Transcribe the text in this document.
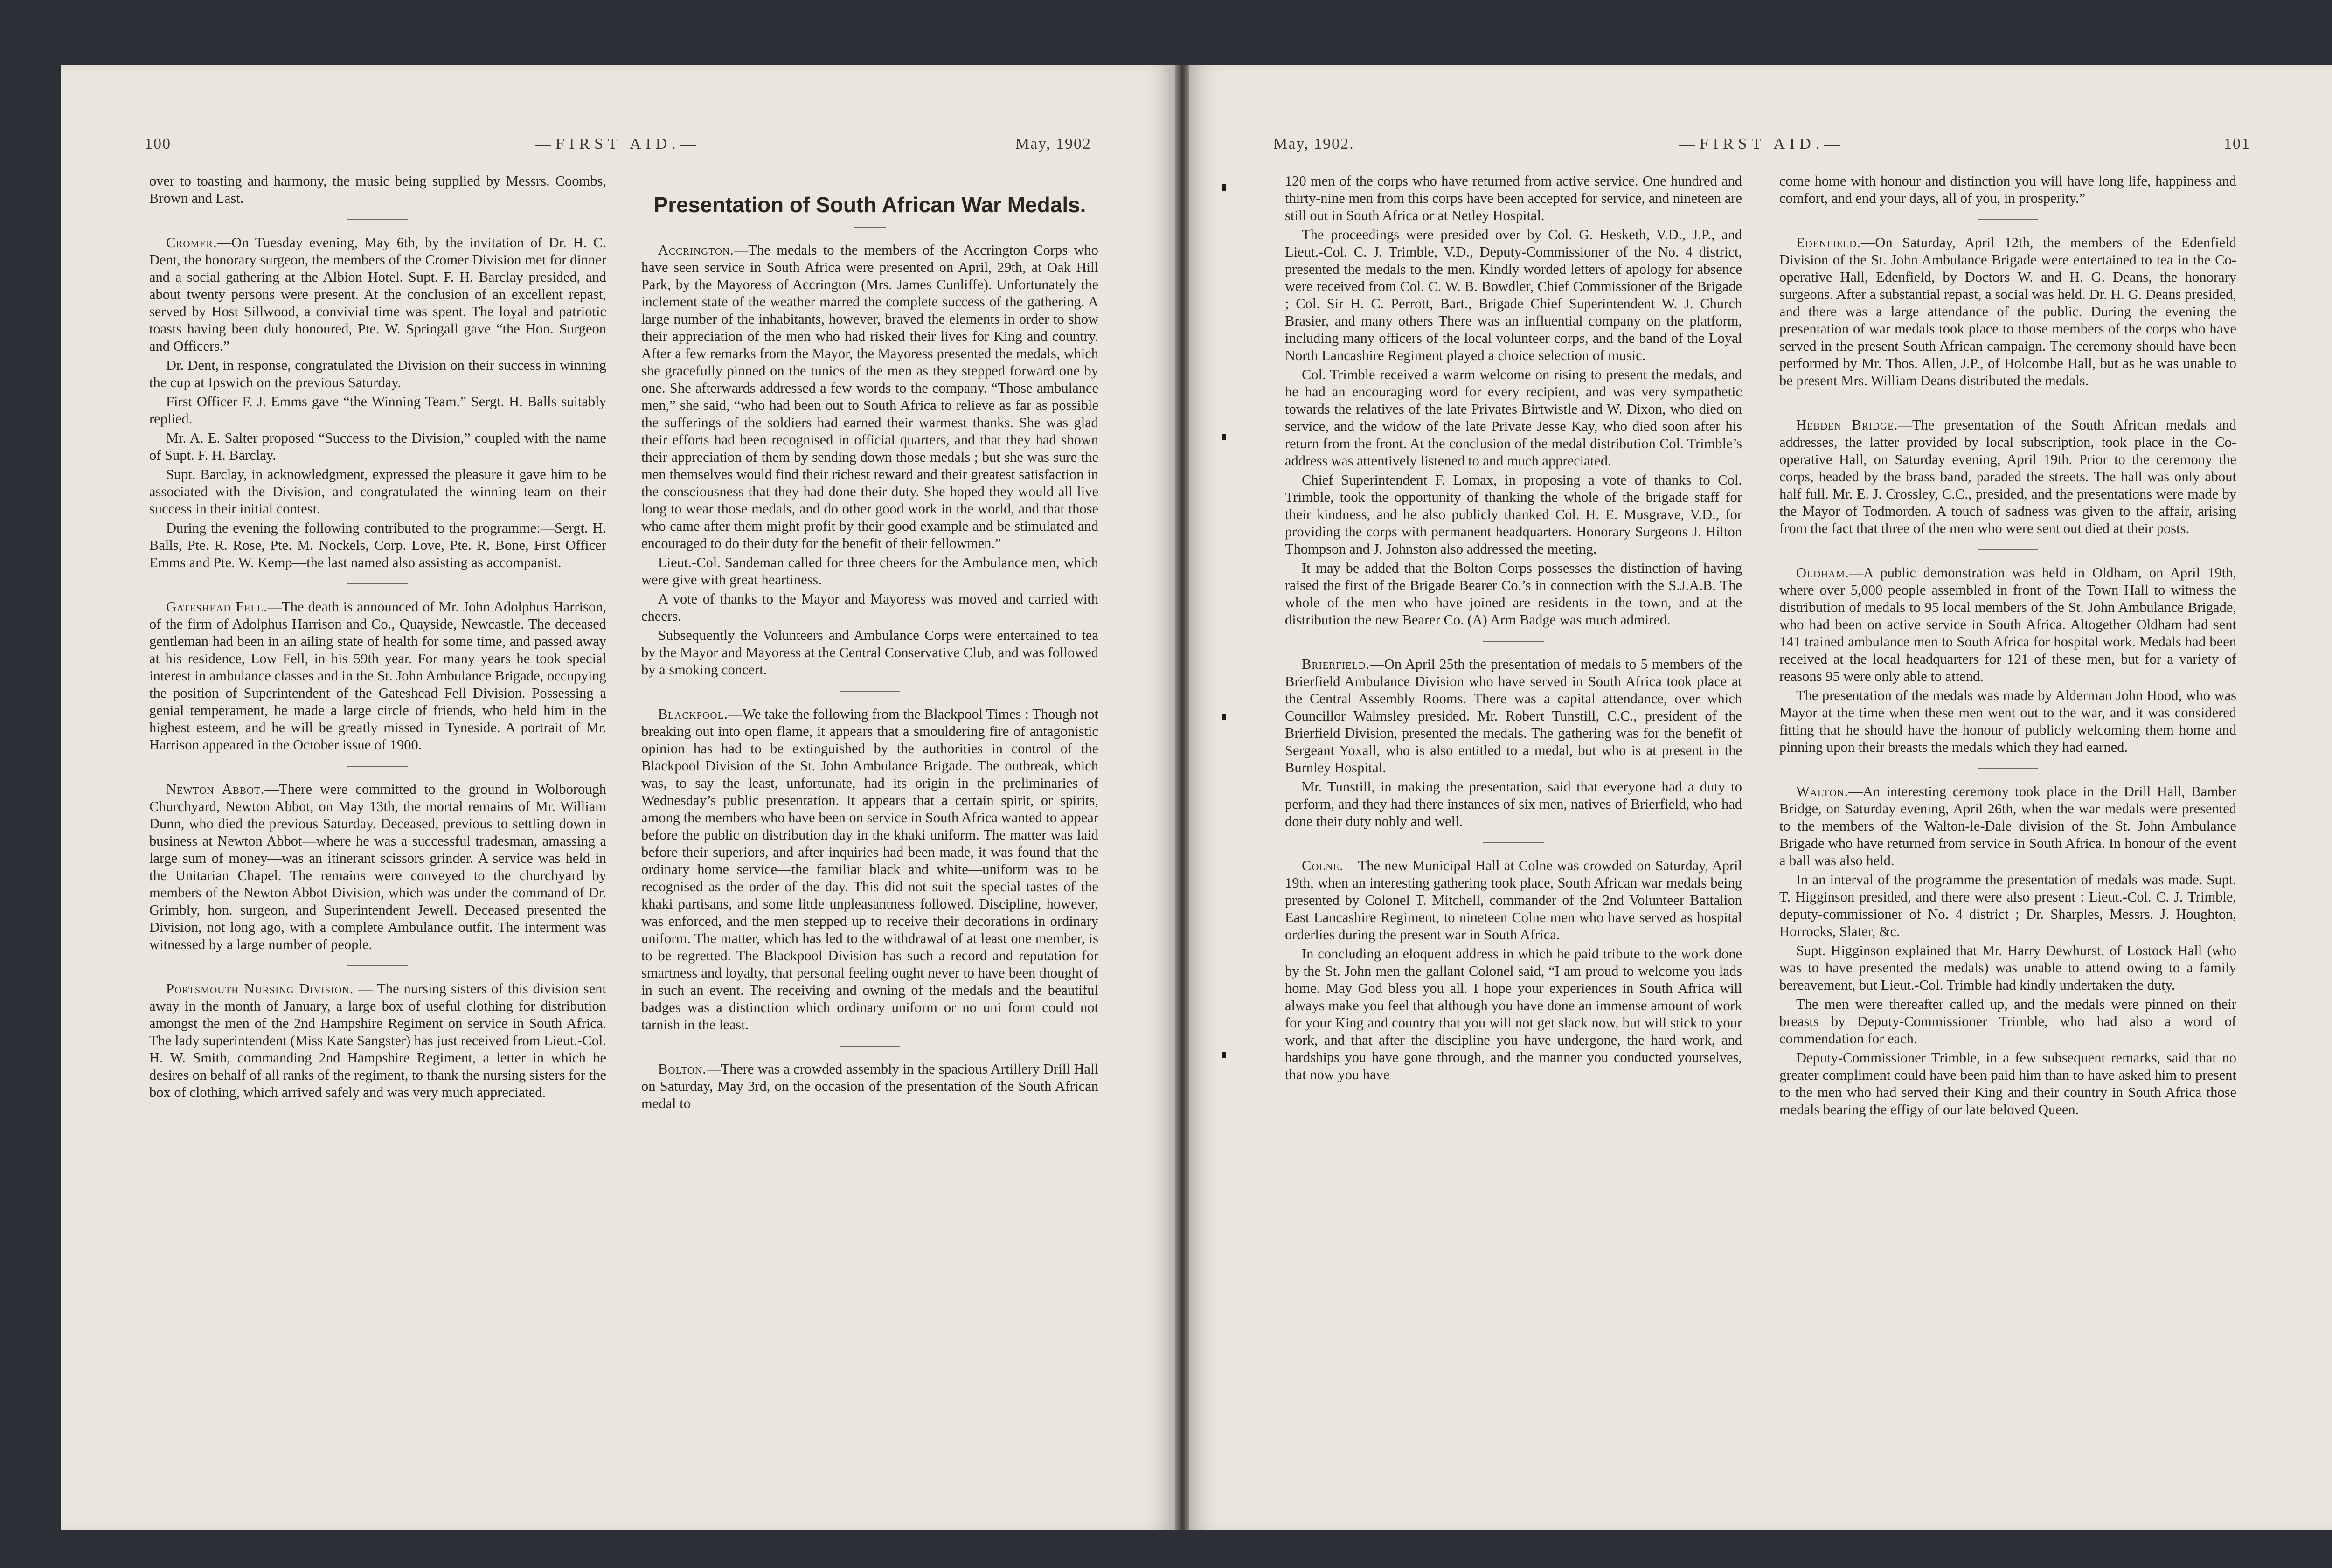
100	—FIRST AID.—	May, 1902

over to toasting and harmony, the music being supplied by Messrs. Coombs, Brown and Last.

Cromer.—On Tuesday evening, May 6th, by the invitation of Dr. H. C. Dent, the honorary surgeon, the members of the Cromer Division met for dinner and a social gathering at the Albion Hotel. Supt. F. H. Barclay presided, and about twenty persons were present. At the conclusion of an excellent repast, served by Host Sillwood, a convivial time was spent. The loyal and patriotic toasts having been duly honoured, Pte. W. Springall gave “the Hon. Surgeon and Officers.”

Dr. Dent, in response, congratulated the Division on their success in winning the cup at Ipswich on the previous Saturday.

First Officer F. J. Emms gave “the Winning Team.” Sergt. H. Balls suitably replied.

Mr. A. E. Salter proposed “Success to the Division,” coupled with the name of Supt. F. H. Barclay.

Supt. Barclay, in acknowledgment, expressed the pleasure it gave him to be associated with the Division, and congratulated the winning team on their success in their initial contest.

During the evening the following contributed to the programme:—Sergt. H. Balls, Pte. R. Rose, Pte. M. Nockels, Corp. Love, Pte. R. Bone, First Officer Emms and Pte. W. Kemp—the last named also assisting as accompanist.

Gateshead Fell.—The death is announced of Mr. John Adolphus Harrison, of the firm of Adolphus Harrison and Co., Quayside, Newcastle. The deceased gentleman had been in an ailing state of health for some time, and passed away at his residence, Low Fell, in his 59th year. For many years he took special interest in ambulance classes and in the St. John Ambulance Brigade, occupying the position of Superintendent of the Gateshead Fell Division. Possessing a genial temperament, he made a large circle of friends, who held him in the highest esteem, and he will be greatly missed in Tyneside. A portrait of Mr. Harrison appeared in the October issue of 1900.

Newton Abbot.—There were committed to the ground in Wolborough Churchyard, Newton Abbot, on May 13th, the mortal remains of Mr. William Dunn, who died the previous Saturday. Deceased, previous to settling down in business at Newton Abbot—where he was a successful tradesman, amassing a large sum of money—was an itinerant scissors grinder. A service was held in the Unitarian Chapel. The remains were conveyed to the churchyard by members of the Newton Abbot Division, which was under the command of Dr. Grimbly, hon. surgeon, and Superintendent Jewell. Deceased presented the Division, not long ago, with a complete Ambulance outfit. The interment was witnessed by a large number of people.

Portsmouth Nursing Division. — The nursing sisters of this division sent away in the month of January, a large box of useful clothing for distribution amongst the men of the 2nd Hampshire Regiment on service in South Africa. The lady superintendent (Miss Kate Sangster) has just received from Lieut.-Col. H. W. Smith, commanding 2nd Hampshire Regiment, a letter in which he desires on behalf of all ranks of the regiment, to thank the nursing sisters for the box of clothing, which arrived safely and was very much appreciated.

Presentation of South African War Medals.

Accrington.—The medals to the members of the Accrington Corps who have seen service in South Africa were presented on April, 29th, at Oak Hill Park, by the Mayoress of Accrington (Mrs. James Cunliffe). Unfortunately the inclement state of the weather marred the complete success of the gathering. A large number of the inhabitants, however, braved the elements in order to show their appreciation of the men who had risked their lives for King and country. After a few remarks from the Mayor, the Mayoress presented the medals, which she gracefully pinned on the tunics of the men as they stepped forward one by one. She afterwards addressed a few words to the company. “Those ambulance men,” she said, “who had been out to South Africa to relieve as far as possible the sufferings of the soldiers had earned their warmest thanks. She was glad their efforts had been recognised in official quarters, and that they had shown their appreciation of them by sending down those medals ; but she was sure the men themselves would find their richest reward and their greatest satisfaction in the consciousness that they had done their duty. She hoped they would all live long to wear those medals, and do other good work in the world, and that those who came after them might profit by their good example and be stimulated and encouraged to do their duty for the benefit of their fellowmen.”

Lieut.-Col. Sandeman called for three cheers for the Ambulance men, which were give with great heartiness.

A vote of thanks to the Mayor and Mayoress was moved and carried with cheers.

Subsequently the Volunteers and Ambulance Corps were entertained to tea by the Mayor and Mayoress at the Central Conservative Club, and was followed by a smoking concert.

Blackpool.—We take the following from the Blackpool Times : Though not breaking out into open flame, it appears that a smouldering fire of antagonistic opinion has had to be extinguished by the authorities in control of the Blackpool Division of the St. John Ambulance Brigade. The outbreak, which was, to say the least, unfortunate, had its origin in the preliminaries of Wednesday’s public presentation. It appears that a certain spirit, or spirits, among the members who have been on service in South Africa wanted to appear before the public on distribution day in the khaki uniform. The matter was laid before their superiors, and after inquiries had been made, it was found that the ordinary home service—the familiar black and white—uniform was to be recognised as the order of the day. This did not suit the special tastes of the khaki partisans, and some little unpleasantness followed. Discipline, however, was enforced, and the men stepped up to receive their decorations in ordinary uniform. The matter, which has led to the withdrawal of at least one member, is to be regretted. The Blackpool Division has such a record and reputation for smartness and loyalty, that personal feeling ought never to have been thought of in such an event. The receiving and owning of the medals and the beautiful badges was a distinction which ordinary uniform or no uni form could not tarnish in the least.

Bolton.—There was a crowded assembly in the spacious Artillery Drill Hall on Saturday, May 3rd, on the occasion of the presentation of the South African medal to

May, 1902.	—FIRST AID.—	101

120 men of the corps who have returned from active service. One hundred and thirty-nine men from this corps have been accepted for service, and nineteen are still out in South Africa or at Netley Hospital.

The proceedings were presided over by Col. G. Hesketh, V.D., J.P., and Lieut.-Col. C. J. Trimble, V.D., Deputy-Commissioner of the No. 4 district, presented the medals to the men. Kindly worded letters of apology for absence were received from Col. C. W. B. Bowdler, Chief Commissioner of the Brigade ; Col. Sir H. C. Perrott, Bart., Brigade Chief Superintendent W. J. Church Brasier, and many others There was an influential company on the platform, including many officers of the local volunteer corps, and the band of the Loyal North Lancashire Regiment played a choice selection of music.

Col. Trimble received a warm welcome on rising to present the medals, and he had an encouraging word for every recipient, and was very sympathetic towards the relatives of the late Privates Birtwistle and W. Dixon, who died on service, and the widow of the late Private Jesse Kay, who died soon after his return from the front. At the conclusion of the medal distribution Col. Trimble’s address was attentively listened to and much appreciated.

Chief Superintendent F. Lomax, in proposing a vote of thanks to Col. Trimble, took the opportunity of thanking the whole of the brigade staff for their kindness, and he also publicly thanked Col. H. E. Musgrave, V.D., for providing the corps with permanent headquarters. Honorary Surgeons J. Hilton Thompson and J. Johnston also addressed the meeting.

It may be added that the Bolton Corps possesses the distinction of having raised the first of the Brigade Bearer Co.’s in connection with the S.J.A.B. The whole of the men who have joined are residents in the town, and at the distribution the new Bearer Co. (A) Arm Badge was much admired.

Brierfield.—On April 25th the presentation of medals to 5 members of the Brierfield Ambulance Division who have served in South Africa took place at the Central Assembly Rooms. There was a capital attendance, over which Councillor Walmsley presided. Mr. Robert Tunstill, C.C., president of the Brierfield Division, presented the medals. The gathering was for the benefit of Sergeant Yoxall, who is also entitled to a medal, but who is at present in the Burnley Hospital.

Mr. Tunstill, in making the presentation, said that everyone had a duty to perform, and they had there instances of six men, natives of Brierfield, who had done their duty nobly and well.

Colne.—The new Municipal Hall at Colne was crowded on Saturday, April 19th, when an interesting gathering took place, South African war medals being presented by Colonel T. Mitchell, commander of the 2nd Volunteer Battalion East Lancashire Regiment, to nineteen Colne men who have served as hospital orderlies during the present war in South Africa.

In concluding an eloquent address in which he paid tribute to the work done by the St. John men the gallant Colonel said, “I am proud to welcome you lads home. May God bless you all. I hope your experiences in South Africa will always make you feel that although you have done an immense amount of work for your King and country that you will not get slack now, but will stick to your work, and that after the discipline you have undergone, the hard work, and hardships you have gone through, and the manner you conducted yourselves, that now you have

come home with honour and distinction you will have long life, happiness and comfort, and end your days, all of you, in prosperity.”

Edenfield.—On Saturday, April 12th, the members of the Edenfield Division of the St. John Ambulance Brigade were entertained to tea in the Co-operative Hall, Edenfield, by Doctors W. and H. G. Deans, the honorary surgeons. After a substantial repast, a social was held. Dr. H. G. Deans presided, and there was a large attendance of the public. During the evening the presentation of war medals took place to those members of the corps who have served in the present South African campaign. The ceremony should have been performed by Mr. Thos. Allen, J.P., of Holcombe Hall, but as he was unable to be present Mrs. William Deans distributed the medals.

Hebden Bridge.—The presentation of the South African medals and addresses, the latter provided by local subscription, took place in the Co-operative Hall, on Saturday evening, April 19th. Prior to the ceremony the corps, headed by the brass band, paraded the streets. The hall was only about half full. Mr. E. J. Crossley, C.C., presided, and the presentations were made by the Mayor of Todmorden. A touch of sadness was given to the affair, arising from the fact that three of the men who were sent out died at their posts.

Oldham.—A public demonstration was held in Oldham, on April 19th, where over 5,000 people assembled in front of the Town Hall to witness the distribution of medals to 95 local members of the St. John Ambulance Brigade, who had been on active service in South Africa. Altogether Oldham had sent 141 trained ambulance men to South Africa for hospital work. Medals had been received at the local headquarters for 121 of these men, but for a variety of reasons 95 were only able to attend.

The presentation of the medals was made by Alderman John Hood, who was Mayor at the time when these men went out to the war, and it was considered fitting that he should have the honour of publicly welcoming them home and pinning upon their breasts the medals which they had earned.

Walton.—An interesting ceremony took place in the Drill Hall, Bamber Bridge, on Saturday evening, April 26th, when the war medals were presented to the members of the Walton-le-Dale division of the St. John Ambulance Brigade who have returned from service in South Africa. In honour of the event a ball was also held.

In an interval of the programme the presentation of medals was made. Supt. T. Higginson presided, and there were also present : Lieut.-Col. C. J. Trimble, deputy-commissioner of No. 4 district ; Dr. Sharples, Messrs. J. Houghton, Horrocks, Slater, &c.

Supt. Higginson explained that Mr. Harry Dewhurst, of Lostock Hall (who was to have presented the medals) was unable to attend owing to a family bereavement, but Lieut.-Col. Trimble had kindly undertaken the duty.

The men were thereafter called up, and the medals were pinned on their breasts by Deputy-Commissioner Trimble, who had also a word of commendation for each.

Deputy-Commissioner Trimble, in a few subsequent remarks, said that no greater compliment could have been paid him than to have asked him to present to the men who had served their King and their country in South Africa those medals bearing the effigy of our late beloved Queen.
